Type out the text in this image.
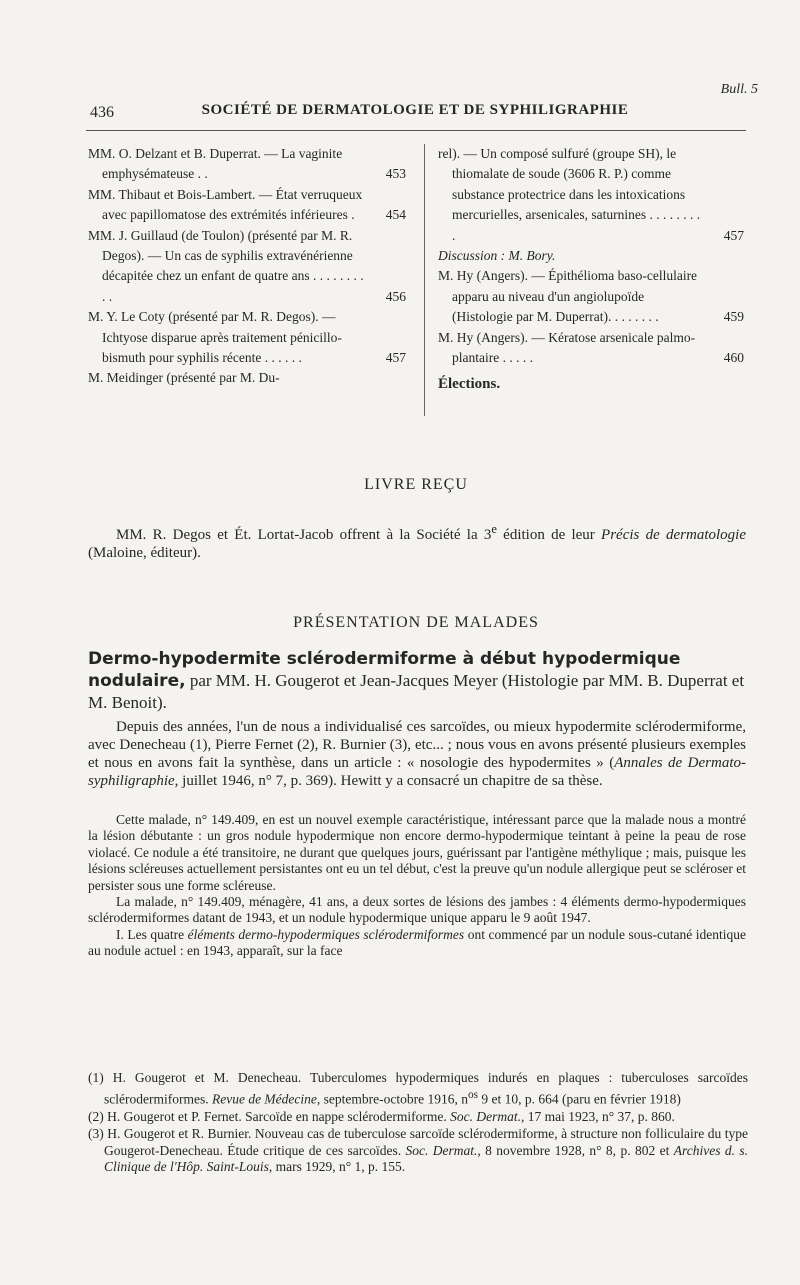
Bull. 5
436	SOCIÉTÉ DE DERMATOLOGIE ET DE SYPHILIGRAPHIE
MM. O. Delzant et B. Duperrat. — La vaginite emphysémateuse . .	453
MM. Thibaut et Bois-Lambert. — État verruqueux avec papillomatose des extrémités inférieures . 454
MM. J. Guillaud (de Toulon) (présenté par M. R. Degos). — Un cas de syphilis extravénérienne décapitée chez un enfant de quatre ans . . . . . . . . . .	456
M. Y. Le Coty (présenté par M. R. Degos). — Ichtyose disparue après traitement pénicillo-bismuth pour syphilis récente . . . . . .	457
M. Meidinger (présenté par M. Du-
rel). — Un composé sulfuré (groupe SH), le thiomalate de soude (3606 R. P.) comme substance protectrice dans les intoxications mercurielles, arsenicales, saturnines . . . . . . . . .	457
Discussion : M. Bory.
M. Hy (Angers). — Épithélioma baso-cellulaire apparu au niveau d'un angiolupoïde (Histologie par M. Duperrat). . . . . . . .	459
M. Hy (Angers). — Kératose arsenicale palmo-plantaire . . . . .	460
Élections.
LIVRE REÇU

MM. R. Degos et Ét. Lortat-Jacob offrent à la Société la 3e édition de leur Précis de dermatologie (Maloine, éditeur).

PRÉSENTATION DE MALADES
Dermo-hypodermite sclérodermiforme à début hypodermique nodulaire, par MM. H. Gougerot et Jean-Jacques Meyer (Histologie par MM. B. Duperrat et M. Benoit).

Depuis des années, l'un de nous a individualisé ces sarcoïdes, ou mieux hypodermite sclérodermiforme, avec Denecheau (1), Pierre Fernet (2), R. Burnier (3), etc... ; nous vous en avons présenté plusieurs exemples et nous en avons fait la synthèse, dans un article : « nosologie des hypodermites » (Annales de Dermato-syphiligraphie, juillet 1946, n° 7, p. 369). Hewitt y a consacré un chapitre de sa thèse.

Cette malade, n° 149.409, en est un nouvel exemple caractéristique, intéressant parce que la malade nous a montré la lésion débutante : un gros nodule hypodermique non encore dermo-hypodermique teintant à peine la peau de rose violacé. Ce nodule a été transitoire, ne durant que quelques jours, guérissant par l'antigène méthylique ; mais, puisque les lésions scléreuses actuellement persistantes ont eu un tel début, c'est la preuve qu'un nodule allergique peut se scléroser et persister sous une forme scléreuse.

La malade, n° 149.409, ménagère, 41 ans, a deux sortes de lésions des jambes : 4 éléments dermo-hypodermiques sclérodermiformes datant de 1943, et un nodule hypodermique unique apparu le 9 août 1947.

I. Les quatre éléments dermo-hypodermiques sclérodermiformes ont commencé par un nodule sous-cutané identique au nodule actuel : en 1943, apparaît, sur la face

(1) H. Gougerot et M. Denecheau. Tuberculomes hypodermiques indurés en plaques : tuberculoses sarcoïdes sclérodermiformes. Revue de Médecine, septembre-octobre 1916, $n^{os}$ 9 et 10, p. 664 (paru en février 1918)

(2) H. Gougerot et P. Fernet. Sarcoïde en nappe sclérodermiforme. Soc. Dermat., 17 mai 1923, n° 37, p. 860.

(3) H. Gougerot et R. Burnier. Nouveau cas de tuberculose sarcoïde sclérodermiforme, à structure non folliculaire du type Gougerot-Denecheau. Étude critique de ces sarcoïdes. Soc. Dermat., 8 novembre 1928, n° 8, p. 802 et Archives d. s. Clinique de l'Hôp. Saint-Louis, mars 1929, n° 1, p. 155.
